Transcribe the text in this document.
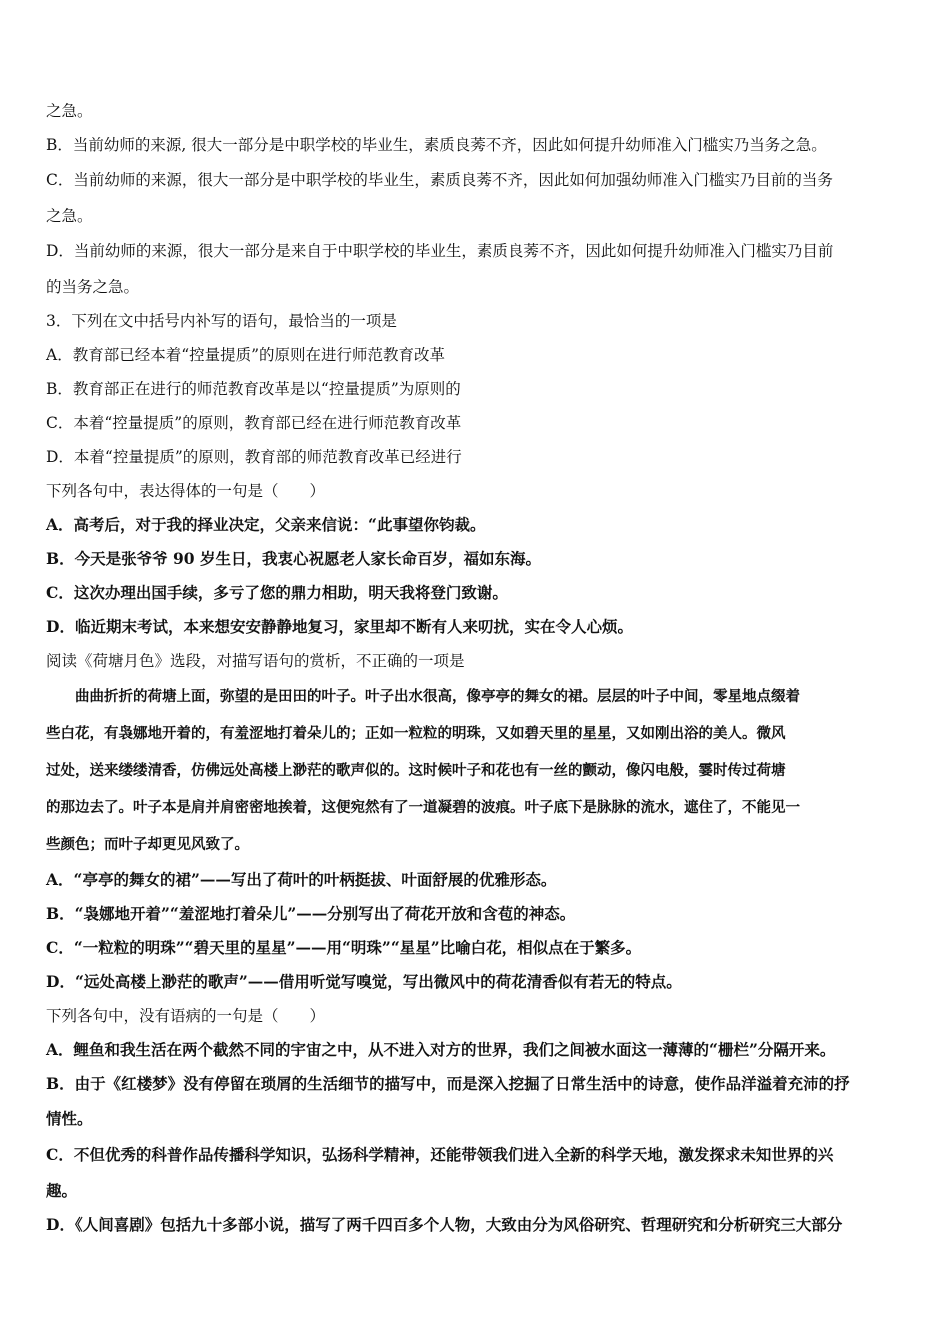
之急。
B．当前幼师的来源, 很大一部分是中职学校的毕业生，素质良莠不齐，因此如何提升幼师准入门槛实乃当务之急。
C．当前幼师的来源，很大一部分是中职学校的毕业生，素质良莠不齐，因此如何加强幼师准入门槛实乃目前的当务
之急。
D．当前幼师的来源，很大一部分是来自于中职学校的毕业生，素质良莠不齐，因此如何提升幼师准入门槛实乃目前
的当务之急。
3．下列在文中括号内补写的语句，最恰当的一项是
A．教育部已经本着“控量提质”的原则在进行师范教育改革
B．教育部正在进行的师范教育改革是以“控量提质”为原则的
C．本着“控量提质”的原则，教育部已经在进行师范教育改革
D．本着“控量提质”的原则，教育部的师范教育改革已经进行
下列各句中，表达得体的一句是（　　）
A．高考后，对于我的择业决定，父亲来信说：“此事望你钧裁。
B．今天是张爷爷 90 岁生日，我衷心祝愿老人家长命百岁，福如东海。
C．这次办理出国手续，多亏了您的鼎力相助，明天我将登门致谢。
D．临近期末考试，本来想安安静静地复习，家里却不断有人来叨扰，实在令人心烦。
阅读《荷塘月色》选段，对描写语句的赏析，不正确的一项是
　　曲曲折折的荷塘上面，弥望的是田田的叶子。叶子出水很高，像亭亭的舞女的裙。层层的叶子中间，零星地点缀着
些白花，有袅娜地开着的，有羞涩地打着朵儿的；正如一粒粒的明珠，又如碧天里的星星，又如刚出浴的美人。微风
过处，送来缕缕清香，仿佛远处高楼上渺茫的歌声似的。这时候叶子和花也有一丝的颤动，像闪电般，霎时传过荷塘
的那边去了。叶子本是肩并肩密密地挨着，这便宛然有了一道凝碧的波痕。叶子底下是脉脉的流水，遮住了，不能见一
些颜色；而叶子却更见风致了。
A．“亭亭的舞女的裙”——写出了荷叶的叶柄挺拔、叶面舒展的优雅形态。
B．“袅娜地开着”“羞涩地打着朵儿”——分别写出了荷花开放和含苞的神态。
C．“一粒粒的明珠”“碧天里的星星”——用“明珠”“星星”比喻白花，相似点在于繁多。
D．“远处高楼上渺茫的歌声”——借用听觉写嗅觉，写出微风中的荷花清香似有若无的特点。
下列各句中，没有语病的一句是（　　）
A．鲤鱼和我生活在两个截然不同的宇宙之中，从不进入对方的世界，我们之间被水面这一薄薄的“栅栏”分隔开来。
B．由于《红楼梦》没有停留在琐屑的生活细节的描写中，而是深入挖掘了日常生活中的诗意，使作品洋溢着充沛的抒
情性。
C．不但优秀的科普作品传播科学知识，弘扬科学精神，还能带领我们进入全新的科学天地，激发探求未知世界的兴
趣。
D．《人间喜剧》包括九十多部小说，描写了两千四百多个人物，大致由分为风俗研究、哲理研究和分析研究三大部分
